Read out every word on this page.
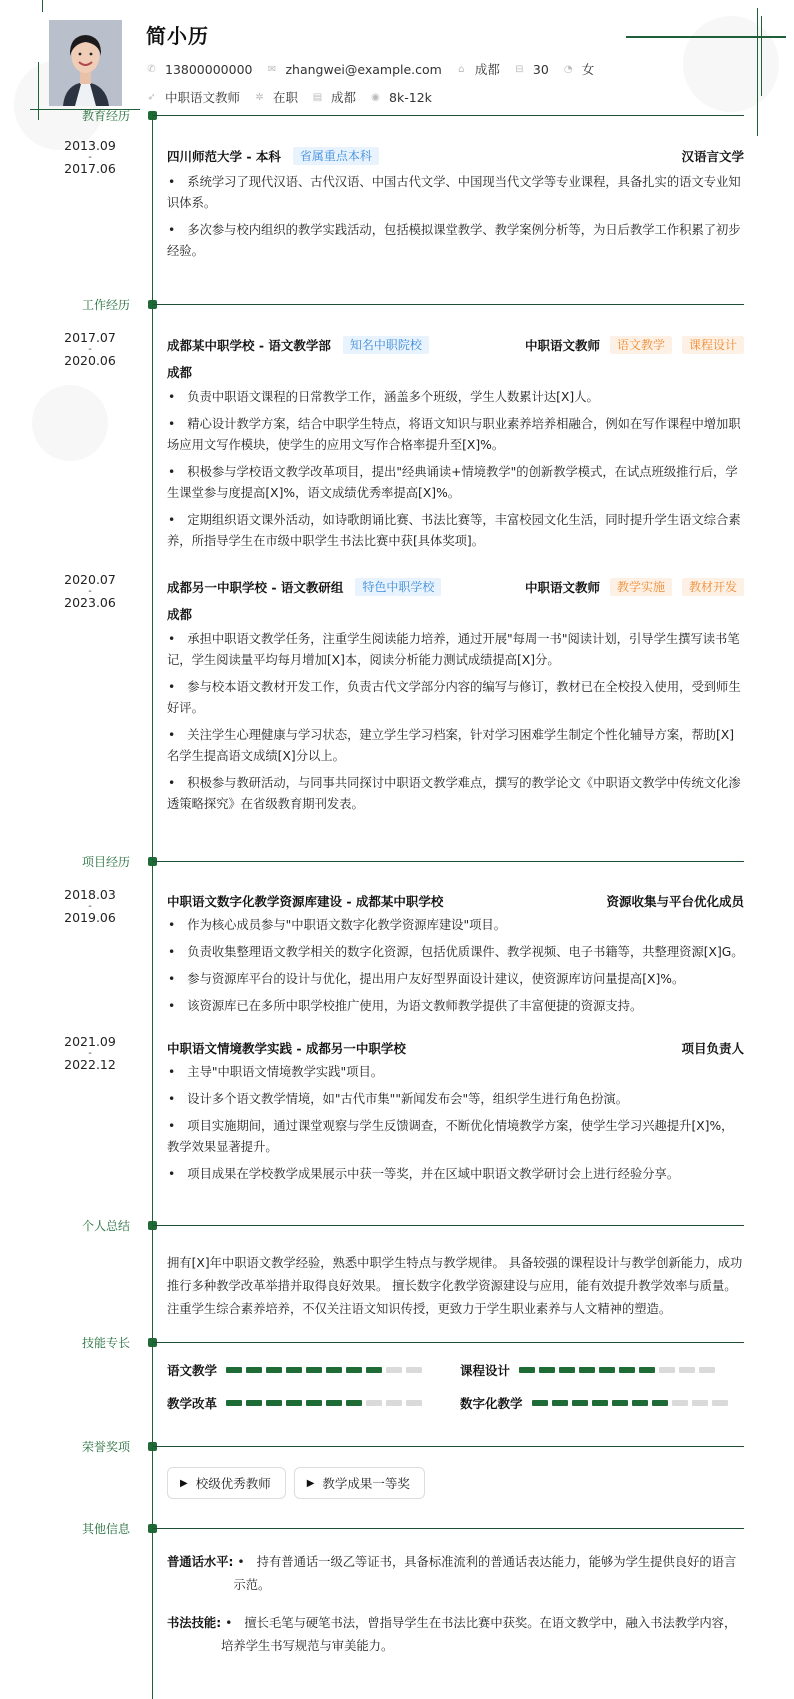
简小历
✆ 13800000000 ✉ zhangwei@example.com ⌂ 成都 ⊟ 30 ◔ 女
➶ 中职语文教师 ✲ 在职 ▤ 成都 ◉ 8k-12k
教育经历
2013.09
-
2017.06
四川师范大学 - 本科	省属重点本科	汉语言文学
• 系统学习了现代汉语、古代汉语、中国古代文学、中国现当代文学等专业课程，具备扎实的语文专业知识体系。
• 多次参与校内组织的教学实践活动，包括模拟课堂教学、教学案例分析等，为日后教学工作积累了初步经验。
工作经历
2017.07
-
2020.06
成都某中职学校 - 语文教学部	知名中职院校	中职语文教师	语文教学	课程设计
成都
• 负责中职语文课程的日常教学工作，涵盖多个班级，学生人数累计达[X]人。
• 精心设计教学方案，结合中职学生特点，将语文知识与职业素养培养相融合，例如在写作课程中增加职场应用文写作模块，使学生的应用文写作合格率提升至[X]%。
• 积极参与学校语文教学改革项目，提出"经典诵读+情境教学"的创新教学模式，在试点班级推行后，学生课堂参与度提高[X]%，语文成绩优秀率提高[X]%。
• 定期组织语文课外活动，如诗歌朗诵比赛、书法比赛等，丰富校园文化生活，同时提升学生语文综合素养，所指导学生在市级中职学生书法比赛中获[具体奖项]。
2020.07
-
2023.06
成都另一中职学校 - 语文教研组	特色中职学校	中职语文教师	教学实施	教材开发
成都
• 承担中职语文教学任务，注重学生阅读能力培养，通过开展"每周一书"阅读计划，引导学生撰写读书笔记，学生阅读量平均每月增加[X]本，阅读分析能力测试成绩提高[X]分。
• 参与校本语文教材开发工作，负责古代文学部分内容的编写与修订，教材已在全校投入使用，受到师生好评。
• 关注学生心理健康与学习状态，建立学生学习档案，针对学习困难学生制定个性化辅导方案，帮助[X]名学生提高语文成绩[X]分以上。
• 积极参与教研活动，与同事共同探讨中职语文教学难点，撰写的教学论文《中职语文教学中传统文化渗透策略探究》在省级教育期刊发表。
项目经历
2018.03
-
2019.06
中职语文数字化教学资源库建设 - 成都某中职学校	资源收集与平台优化成员
• 作为核心成员参与"中职语文数字化教学资源库建设"项目。
• 负责收集整理语文教学相关的数字化资源，包括优质课件、教学视频、电子书籍等，共整理资源[X]G。
• 参与资源库平台的设计与优化，提出用户友好型界面设计建议，使资源库访问量提高[X]%。
• 该资源库已在多所中职学校推广使用，为语文教师教学提供了丰富便捷的资源支持。
2021.09
-
2022.12
中职语文情境教学实践 - 成都另一中职学校	项目负责人
• 主导"中职语文情境教学实践"项目。
• 设计多个语文教学情境，如"古代市集""新闻发布会"等，组织学生进行角色扮演。
• 项目实施期间，通过课堂观察与学生反馈调查，不断优化情境教学方案，使学生学习兴趣提升[X]%，教学效果显著提升。
• 项目成果在学校教学成果展示中获一等奖，并在区域中职语文教学研讨会上进行经验分享。
个人总结
拥有[X]年中职语文教学经验，熟悉中职学生特点与教学规律。 具备较强的课程设计与教学创新能力，成功推行多种教学改革举措并取得良好效果。 擅长数字化教学资源建设与应用，能有效提升教学效率与质量。 注重学生综合素养培养，不仅关注语文知识传授，更致力于学生职业素养与人文精神的塑造。
技能专长
语文教学	课程设计
教学改革	数字化教学
荣誉奖项
▶ 校级优秀教师	▶ 教学成果一等奖
其他信息
普通话水平:	• 持有普通话一级乙等证书，具备标准流利的普通话表达能力，能够为学生提供良好的语言示范。
书法技能:	• 擅长毛笔与硬笔书法，曾指导学生在书法比赛中获奖。在语文教学中，融入书法教学内容，培养学生书写规范与审美能力。
